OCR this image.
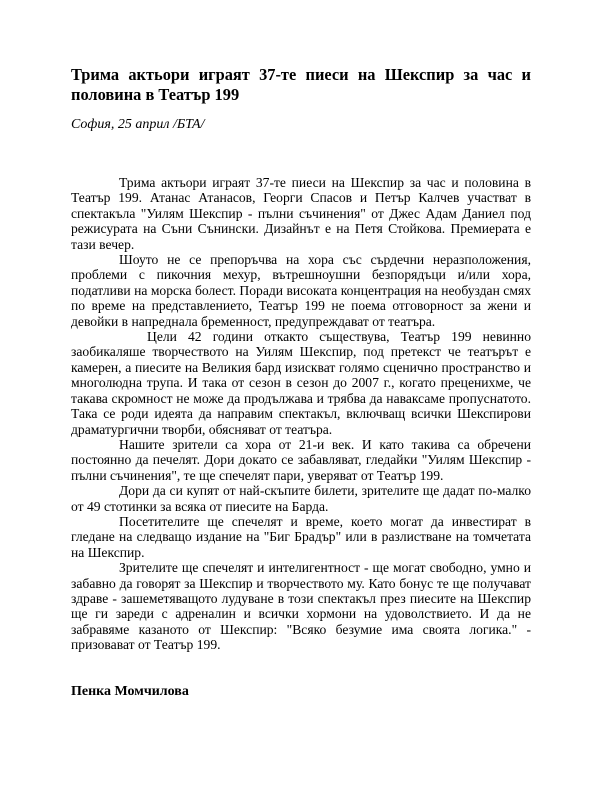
Трима актьори играят 37-те пиеси на Шекспир за час и половина в Театър 199

София, 25 април /БТА/

Трима актьори играят 37-те пиеси на Шекспир за час и половина в Театър 199. Атанас Атанасов, Георги Спасов и Петър Калчев участват в спектакъла "Уилям Шекспир - пълни съчинения" от Джес Адам Даниел под режисурата на Съни Сънински. Дизайнът е на Петя Стойкова. Премиерата е тази вечер.

Шоуто не се препоръчва на хора със сърдечни неразположения, проблеми с пикочния мехур, вътрешноушни безпорядъци и/или хора, податливи на морска болест. Поради високата концентрация на необуздан смях по време на представлението, Театър 199 не поема отговорност за жени и девойки в напреднала бременност, предупреждават от театъра.

Цели 42 години откакто съществува, Театър 199 невинно заобикаляше творчеството на Уилям Шекспир, под претекст че театърът е камерен, а пиесите на Великия бард изискват голямо сценично пространство и многолюдна трупа. И така от сезон в сезон до 2007 г., когато прецениxме, че такава скромност не може да продължава и трябва да наваксаме пропуснатото. Така се роди идеята да направим спектакъл, включващ всички Шекспирови драматургични творби, обясняват от театъра.

Нашите зрители са хора от 21-и век. И като такива са обречени постоянно да печелят. Дори докато се забавляват, гледайки "Уилям Шекспир - пълни съчинения", те ще спечелят пари, уверяват от Театър 199.

Дори да си купят от най-скъпите билети, зрителите ще дадат по-малко от 49 стотинки за всяка от пиесите на Барда.

Посетителите ще спечелят и време, което могат да инвестират в гледане на следващо издание на "Биг Брадър" или в разлистване на томчетата на Шекспир.

Зрителите ще спечелят и интелигентност - ще могат свободно, умно и забавно да говорят за Шекспир и творчеството му. Като бонус те ще получават здраве - зашеметяващото лудуване в този спектакъл през пиесите на Шекспир ще ги зареди с адреналин и всички хормони на удоволствието. И да не забравяме казаното от Шекспир: "Всяко безумие има своята логика." - призовават от Театър 199.

Пенка Момчилова
